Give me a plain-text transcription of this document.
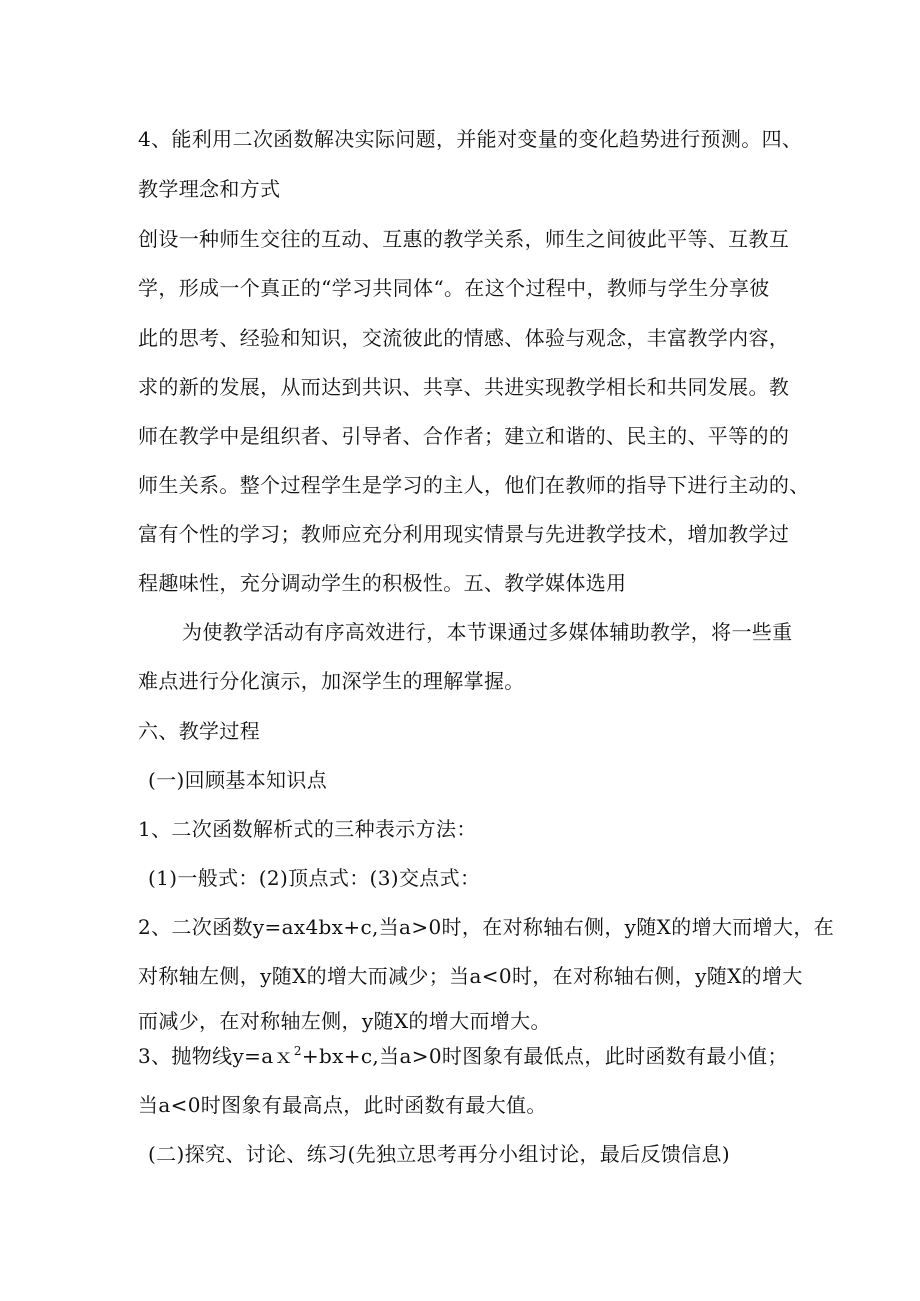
4、能利用二次函数解决实际问题，并能对变量的变化趋势进行预测。四、
教学理念和方式
创设一种师生交往的互动、互惠的教学关系，师生之间彼此平等、互教互
学，形成一个真正的“学习共同体“。在这个过程中，教师与学生分享彼
此的思考、经验和知识，交流彼此的情感、体验与观念，丰富教学内容，
求的新的发展，从而达到共识、共享、共进实现教学相长和共同发展。教
师在教学中是组织者、引导者、合作者；建立和谐的、民主的、平等的的
师生关系。整个过程学生是学习的主人，他们在教师的指导下进行主动的、
富有个性的学习；教师应充分利用现实情景与先进教学技术，增加教学过
程趣味性，充分调动学生的积极性。五、教学媒体选用
为使教学活动有序高效进行，本节课通过多媒体辅助教学，将一些重
难点进行分化演示，加深学生的理解掌握。
六、教学过程
(一)回顾基本知识点
1、二次函数解析式的三种表示方法：
(1)一般式：(2)顶点式：(3)交点式：
2、二次函数y=ax4bx+c,当a>0时，在对称轴右侧，y随X的增大而增大，在
对称轴左侧，y随X的增大而减少；当a<0时，在对称轴右侧，y随X的增大
而减少，在对称轴左侧，y随X的增大而增大。
3、抛物线y=aｘ$^2$+bx+c,当a>0时图象有最低点，此时函数有最小值；
当a<0时图象有最高点，此时函数有最大值。
(二)探究、讨论、练习(先独立思考再分小组讨论，最后反馈信息)
